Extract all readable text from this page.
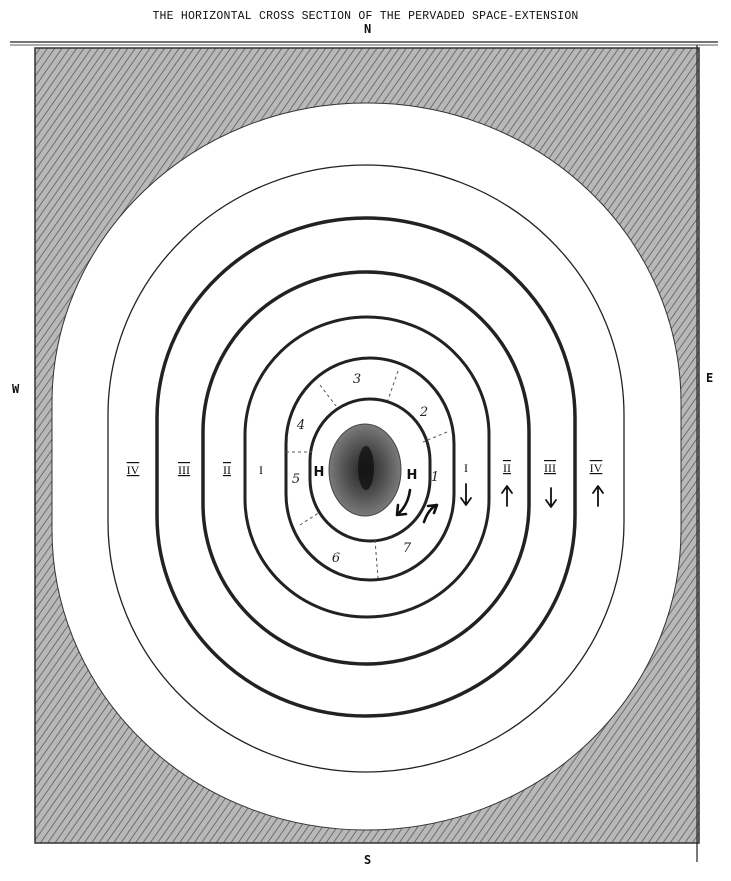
THE HORIZONTAL CROSS SECTION OF THE PERVADED SPACE-EXTENSION
N
S
W
E
IV	III	II I	I	II	III	IV
1
2
3
4
5
6
7
H	H
